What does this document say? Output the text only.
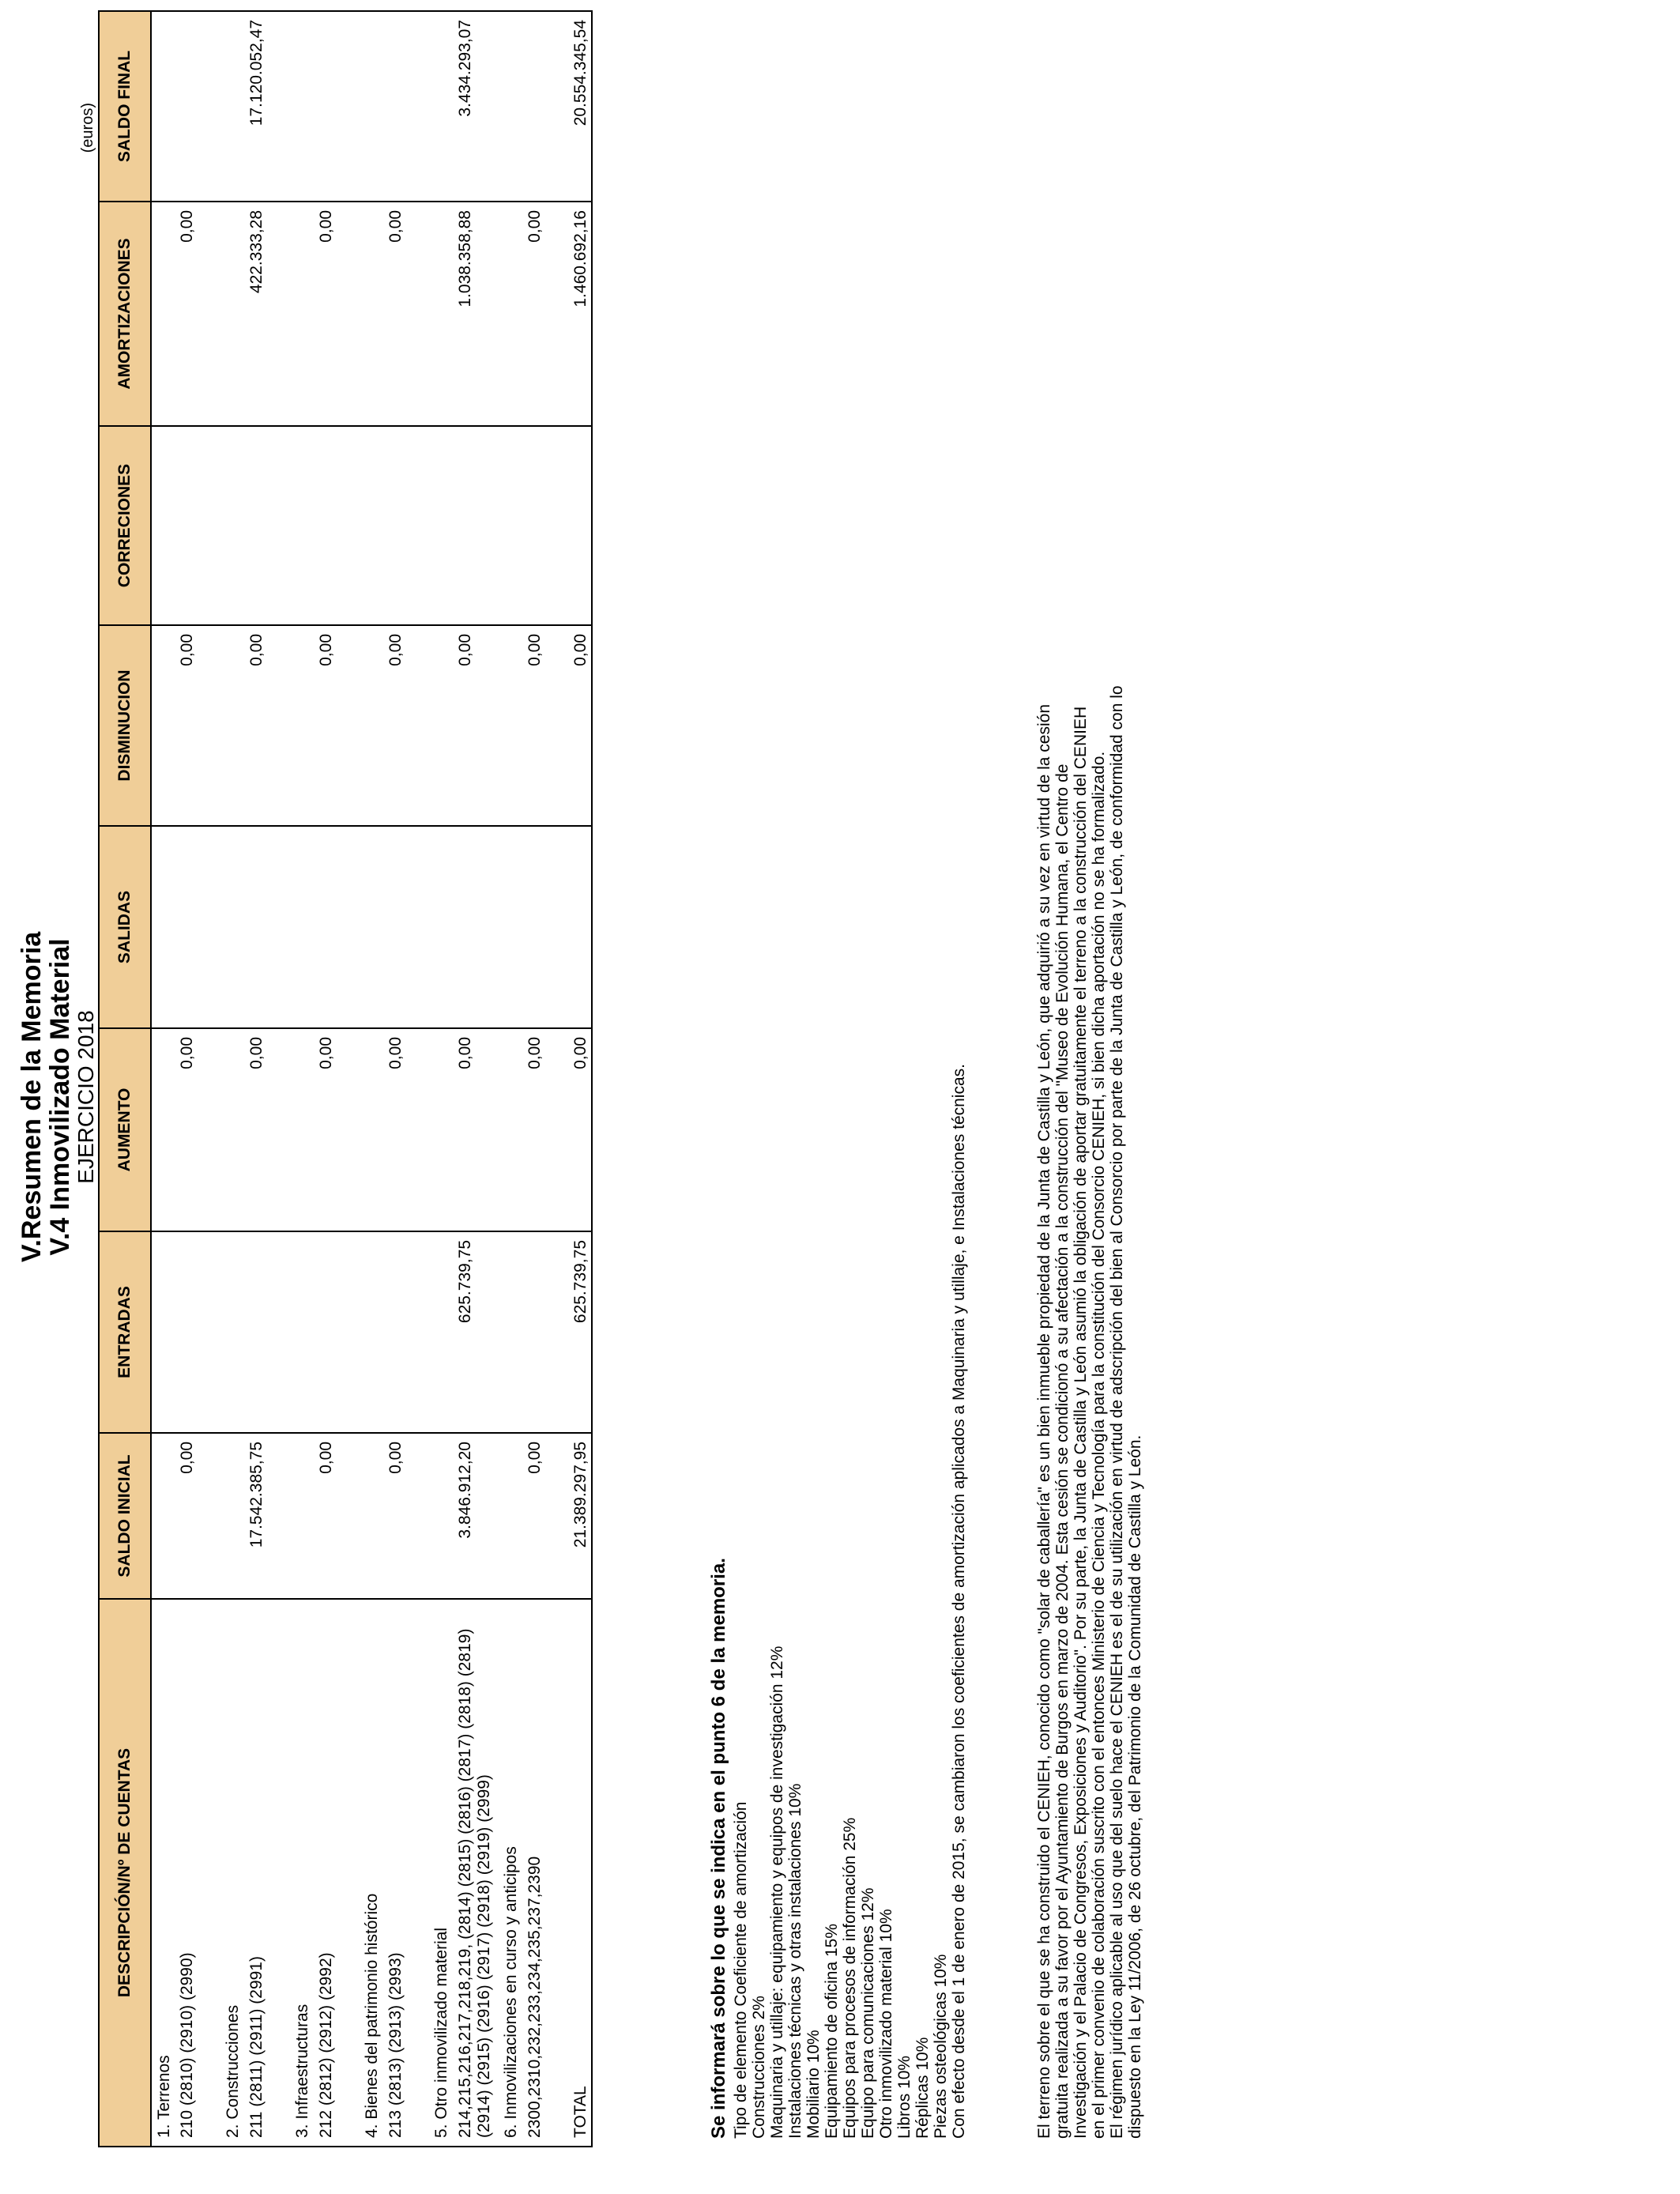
V.Resumen de la Memoria
V.4 Inmovilizado Material
EJERCICIO 2018
(euros)
DESCRIPCIÓN/Nº DE CUENTAS	SALDO INICIAL	ENTRADAS	AUMENTO	SALIDAS	DISMINUCION	CORRECIONES	AMORTIZACIONES	SALDO FINAL
1. Terrenos								
210 (2810) (2910) (2990)	0,00		0,00		0,00		0,00	
2. Construcciones								
211 (2811) (2911) (2991)	17.542.385,75		0,00		0,00		422.333,28	17.120.052,47
3. Infraestructuras								
212 (2812) (2912) (2992)	0,00		0,00		0,00		0,00	
4. Bienes del patrimonio histórico								
213 (2813) (2913) (2993)	0,00		0,00		0,00		0,00	
5. Otro inmovilizado material								
214,215,216,217,218,219, (2814) (2815) (2816) (2817) (2818) (2819) (2914) (2915) (2916) (2917) (2918) (2919) (2999)	3.846.912,20	625.739,75	0,00		0,00		1.038.358,88	3.434.293,07
6. Inmovilizaciones en curso y anticipos								
2300,2310,232,233,234,235,237,2390	0,00		0,00		0,00		0,00	
TOTAL	21.389.297,95	625.739,75	0,00		0,00		1.460.692,16	20.554.345,54
Se informará sobre lo que se indica en el punto 6 de la memoria. Tipo de elemento Coeficiente de amortización Construcciones 2% Maquinaria y utillaje: equipamiento y equipos de investigación 12% Instalaciones técnicas y otras instalaciones 10% Mobiliario 10% Equipamiento de oficina 15% Equipos para procesos de información 25% Equipo para comunicaciones 12% Otro inmovilizado material 10% Libros 10% Réplicas 10% Piezas osteológicas 10% Con efecto desde el 1 de enero de 2015, se cambiaron los coeficientes de amortización aplicados a Maquinaria y utillaje, e Instalaciones técnicas.	El terreno sobre el que se ha construido el CENIEH, conocido como "solar de caballería" es un bien inmueble propiedad de la Junta de Castilla y León, que adquirió a su vez en virtud de la cesión gratuita realizada a su favor por el Ayuntamiento de Burgos en marzo de 2004. Esta cesión se condicionó a su afectación a la construcción del "Museo de Evolución Humana, el Centro de Investigación y el Palacio de Congresos, Exposiciones y Auditorio". Por su parte, la Junta de Castilla y León asumió la obligación de aportar gratuitamente el terreno a la construcción del CENIEH en el primer convenio de colaboración suscrito con el entonces Ministerio de Ciencia y Tecnología para la constitución del Consorcio CENIEH, si bien dicha aportación no se ha formalizado. El régimen jurídico aplicable al uso que del suelo hace el CENIEH es el de su utilización en virtud de adscripción del bien al Consorcio por parte de la Junta de Castilla y León, de conformidad con lo dispuesto en la Ley 11/2006, de 26 octubre, del Patrimonio de la Comunidad de Castilla y León.
